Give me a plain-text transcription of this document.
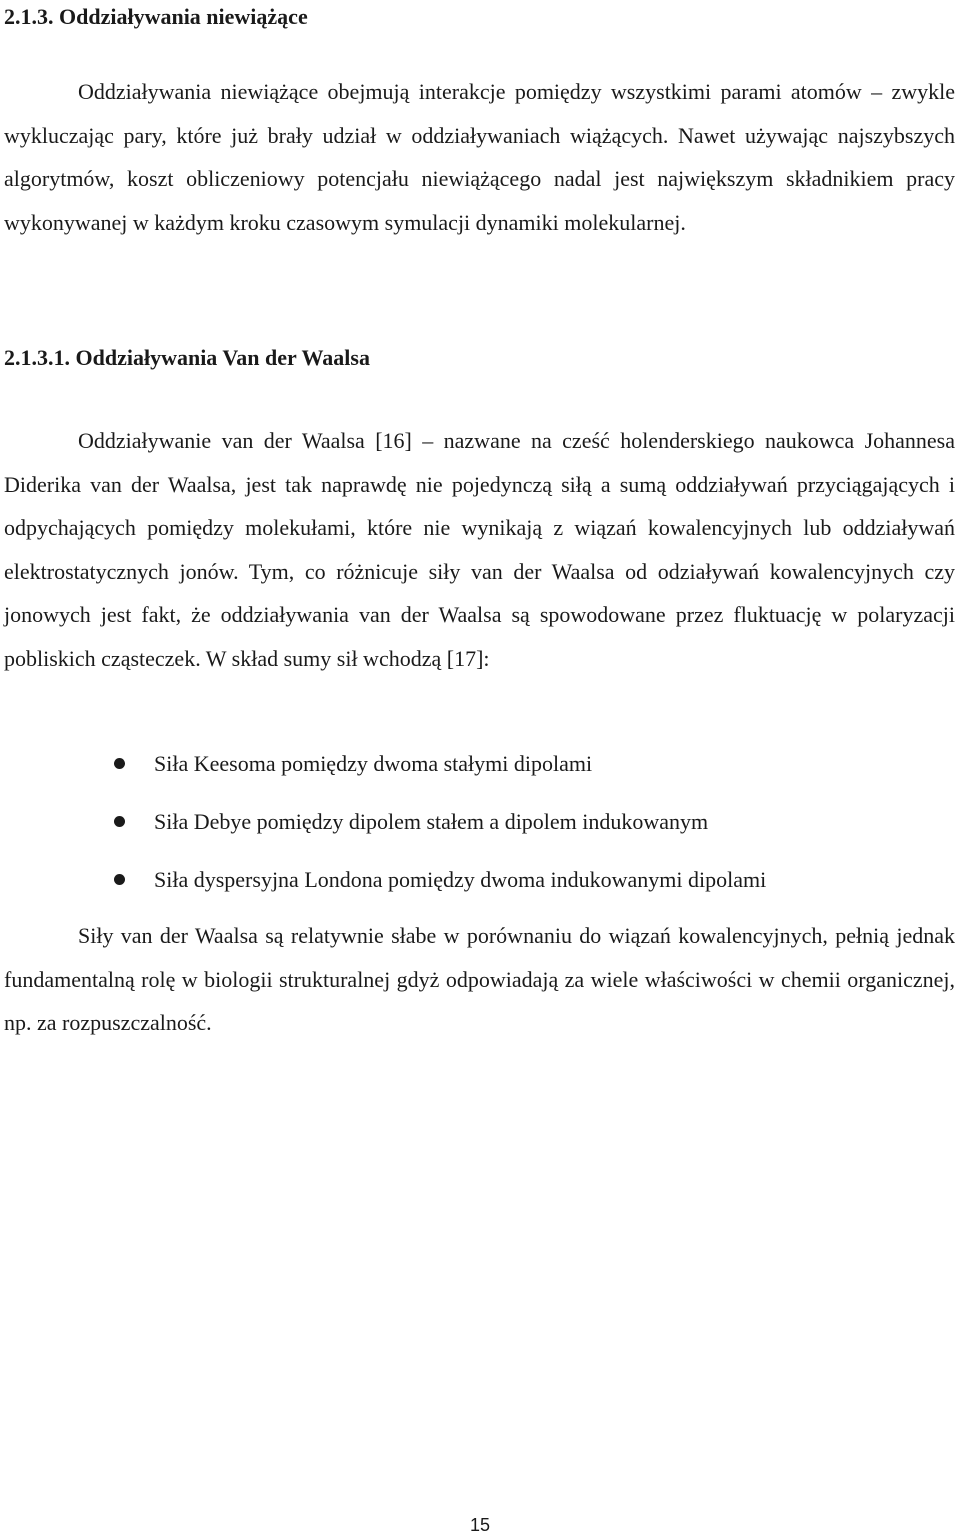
2.1.3. Oddziaływania niewiążące

Oddziaływania niewiążące obejmują interakcje pomiędzy wszystkimi parami atomów – zwykle wykluczając pary, które już brały udział w oddziaływaniach wiążących. Nawet używając najszybszych algorytmów, koszt obliczeniowy potencjału niewiążącego nadal jest największym składnikiem pracy wykonywanej w każdym kroku czasowym symulacji dynamiki molekularnej.

2.1.3.1. Oddziaływania Van der Waalsa

Oddziaływanie van der Waalsa [16] – nazwane na cześć holenderskiego naukowca Johannesa Diderika van der Waalsa, jest tak naprawdę nie pojedynczą siłą a sumą oddziaływań przyciągających i odpychających pomiędzy molekułami, które nie wynikają z wiązań kowalencyjnych lub oddziaływań elektrostatycznych jonów. Tym, co różnicuje siły van der Waalsa od odziaływań kowalencyjnych czy jonowych jest fakt, że oddziaływania van der Waalsa są spowodowane przez fluktuację w polaryzacji pobliskich cząsteczek. W skład sumy sił wchodzą [17]:

Siła Keesoma pomiędzy dwoma stałymi dipolami
Siła Debye pomiędzy dipolem stałem a dipolem indukowanym
Siła dyspersyjna Londona pomiędzy dwoma indukowanymi dipolami

Siły van der Waalsa są relatywnie słabe w porównaniu do wiązań kowalencyjnych, pełnią jednak fundamentalną rolę w biologii strukturalnej gdyż odpowiadają za wiele właściwości w chemii organicznej, np. za rozpuszczalność.

15
